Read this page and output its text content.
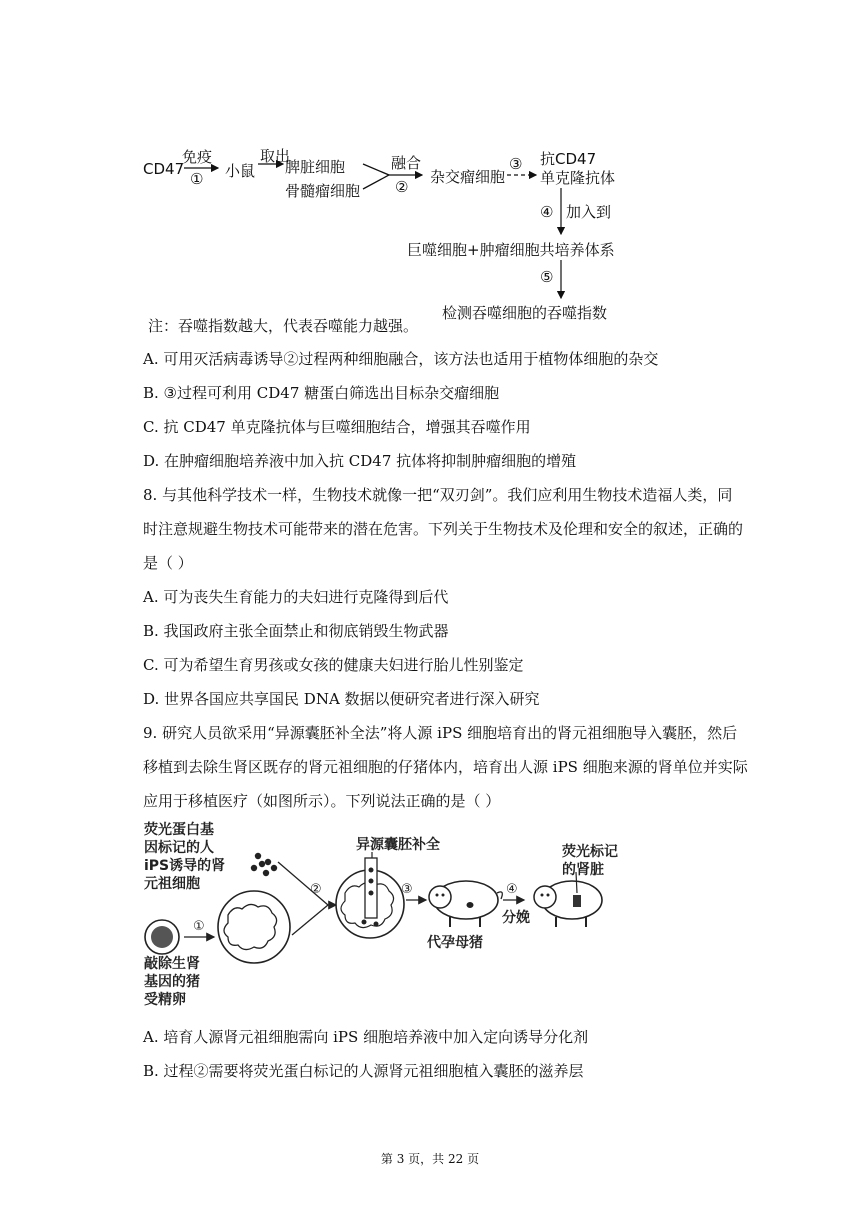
CD47
免疫
① 小鼠
取出
脾脏细胞
骨髓瘤细胞
融合
②
杂交瘤细胞
③ 抗CD47
单克隆抗体
④ 加入到
巨噬细胞+肿瘤细胞共培养体系
⑤
检测吞噬细胞的吞噬指数
注：吞噬指数越大，代表吞噬能力越强。
A. 可用灭活病毒诱导②过程两种细胞融合，该方法也适用于植物体细胞的杂交
B. ③过程可利用 CD47 糖蛋白筛选出目标杂交瘤细胞
C. 抗 CD47 单克隆抗体与巨噬细胞结合，增强其吞噬作用
D. 在肿瘤细胞培养液中加入抗 CD47 抗体将抑制肿瘤细胞的增殖
8. 与其他科学技术一样，生物技术就像一把“双刃剑”。我们应利用生物技术造福人类，同
时注意规避生物技术可能带来的潜在危害。下列关于生物技术及伦理和安全的叙述，正确的
是（ ）
A. 可为丧失生育能力的夫妇进行克隆得到后代
B. 我国政府主张全面禁止和彻底销毁生物武器
C. 可为希望生育男孩或女孩的健康夫妇进行胎儿性别鉴定
D. 世界各国应共享国民 DNA 数据以便研究者进行深入研究
9. 研究人员欲采用“异源囊胚补全法”将人源 iPS 细胞培育出的肾元祖细胞导入囊胚，然后
移植到去除生肾区既存的肾元祖细胞的仔猪体内，培育出人源 iPS 细胞来源的肾单位并实际
应用于移植医疗（如图所示）。下列说法正确的是（ ）
荧光蛋白基
因标记的人
iPS诱导的肾
元祖细胞
敲除生肾
基因的猪
受精卵
①
②
异源囊胚补全
③
代孕母猪
④
分娩
荧光标记
的肾脏
A. 培育人源肾元祖细胞需向 iPS 细胞培养液中加入定向诱导分化剂
B. 过程②需要将荧光蛋白标记的人源肾元祖细胞植入囊胚的滋养层
第 3 页，共 22 页
